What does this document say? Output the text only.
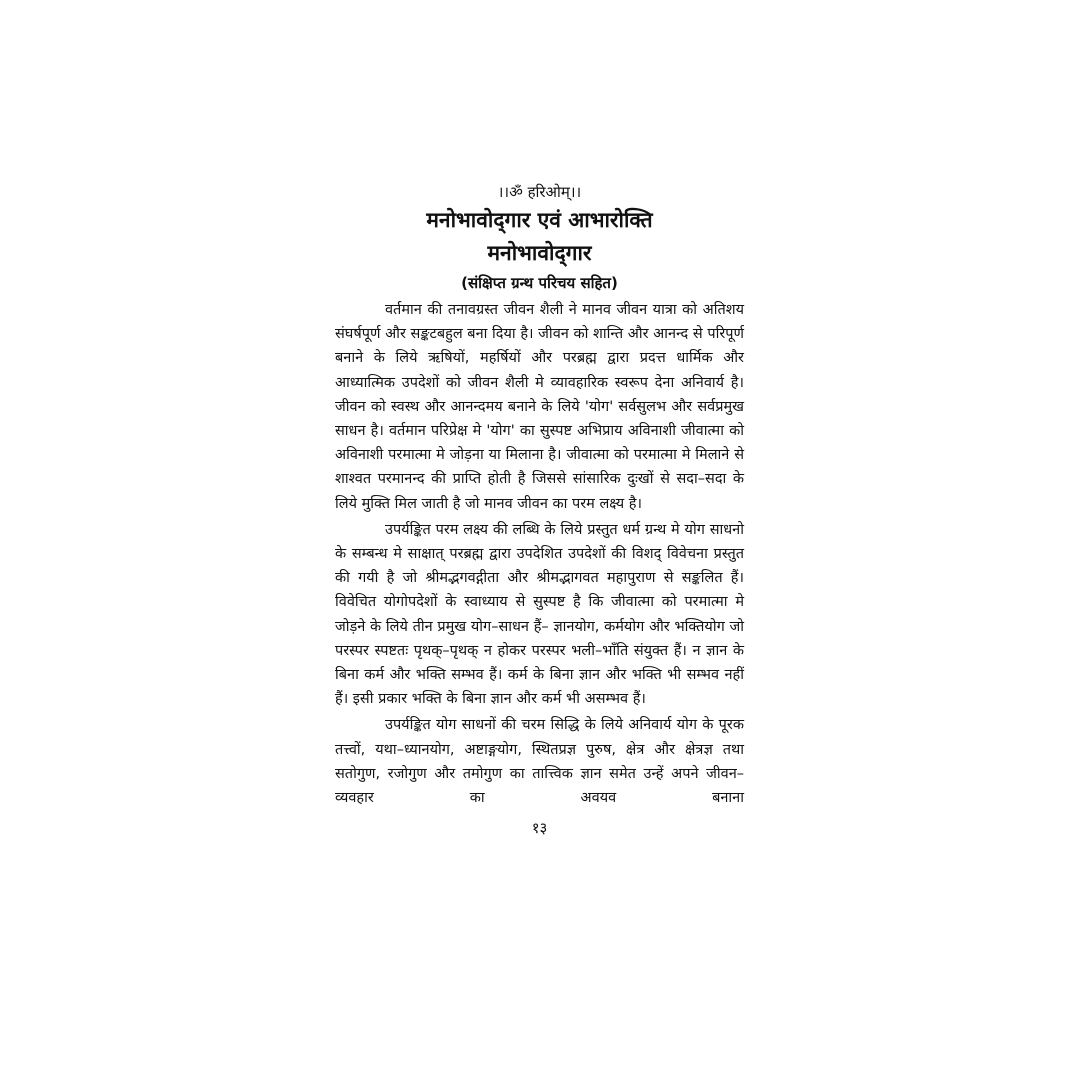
।।ॐ हरिओम्।।

मनोभावोद्‌गार एवं आभारोक्ति
मनोभावोद्‌गार
(संक्षिप्त ग्रन्थ परिचय सहित)

वर्तमान की तनावग्रस्त जीवन शैली ने मानव जीवन यात्रा को अतिशय संघर्षपूर्ण और सङ्कटबहुल बना दिया है। जीवन को शान्ति और आनन्द से परिपूर्ण बनाने के लिये ऋषियों, महर्षियों और परब्रह्म द्वारा प्रदत्त धार्मिक और आध्यात्मिक उपदेशों को जीवन शैली मे व्यावहारिक स्वरूप देना अनिवार्य है। जीवन को स्वस्थ और आनन्दमय बनाने के लिये 'योग' सर्वसुलभ और सर्वप्रमुख साधन है। वर्तमान परिप्रेक्ष मे 'योग' का सुस्पष्ट अभिप्राय अविनाशी जीवात्मा को अविनाशी परमात्मा मे जोड़ना या मिलाना है। जीवात्मा को परमात्मा मे मिलाने से शाश्वत परमानन्द की प्राप्ति होती है जिससे सांसारिक दुःखों से सदा–सदा के लिये मुक्ति मिल जाती है जो मानव जीवन का परम लक्ष्य है।

उपर्यङ्कित परम लक्ष्य की लब्धि के लिये प्रस्तुत धर्म ग्रन्थ मे योग साधनो के सम्बन्ध मे साक्षात् परब्रह्म द्वारा उपदेशित उपदेशों की विशद् विवेचना प्रस्तुत की गयी है जो श्रीमद्भगवद्गीता और श्रीमद्भागवत महापुराण से सङ्कलित हैं। विवेचित योगोपदेशों के स्वाध्याय से सुस्पष्ट है कि जीवात्मा को परमात्मा मे जोड़ने के लिये तीन प्रमुख योग–साधन हैं– ज्ञानयोग, कर्मयोग और भक्तियोग जो परस्पर स्पष्टतः पृथक्–पृथक् न होकर परस्पर भली–भाँति संयुक्त हैं। न ज्ञान के बिना कर्म और भक्ति सम्भव हैं। कर्म के बिना ज्ञान और भक्ति भी सम्भव नहीं हैं। इसी प्रकार भक्ति के बिना ज्ञान और कर्म भी असम्भव हैं।

उपर्यङ्कित योग साधनों की चरम सिद्धि के लिये अनिवार्य योग के पूरक तत्त्वों, यथा–ध्यानयोग, अष्टाङ्गयोग, स्थितप्रज्ञ पुरुष, क्षेत्र और क्षेत्रज्ञ तथा सतोगुण, रजोगुण और तमोगुण का तात्त्विक ज्ञान समेत उन्हें अपने जीवन–व्यवहार का अवयव बनाना

१३
